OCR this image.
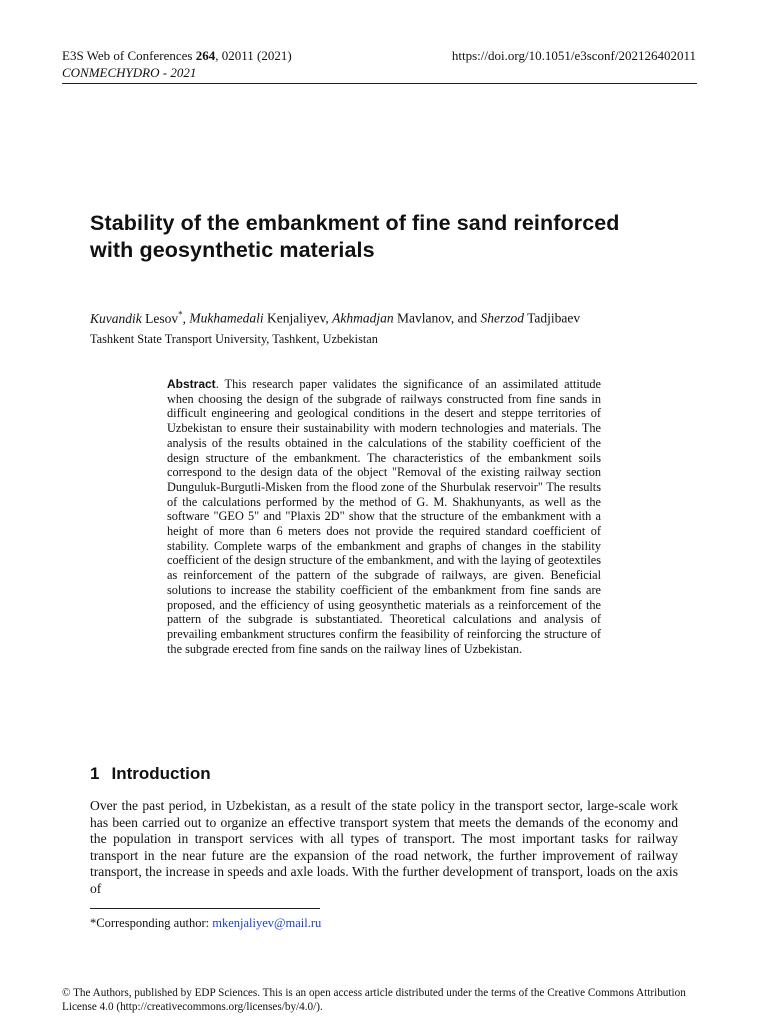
E3S Web of Conferences 264, 02011 (2021)
CONMECHYDRO - 2021
https://doi.org/10.1051/e3sconf/202126402011
Stability of the embankment of fine sand reinforced with geosynthetic materials
Kuvandik Lesov*, Mukhamedali Kenjaliyev, Akhmadjan Mavlanov, and Sherzod Tadjibaev
Tashkent State Transport University, Tashkent, Uzbekistan
Abstract. This research paper validates the significance of an assimilated attitude when choosing the design of the subgrade of railways constructed from fine sands in difficult engineering and geological conditions in the desert and steppe territories of Uzbekistan to ensure their sustainability with modern technologies and materials. The analysis of the results obtained in the calculations of the stability coefficient of the design structure of the embankment. The characteristics of the embankment soils correspond to the design data of the object "Removal of the existing railway section Dunguluk-Burgutli-Misken from the flood zone of the Shurbulak reservoir" The results of the calculations performed by the method of G. M. Shakhunyants, as well as the software "GEO 5" and "Plaxis 2D" show that the structure of the embankment with a height of more than 6 meters does not provide the required standard coefficient of stability. Complete warps of the embankment and graphs of changes in the stability coefficient of the design structure of the embankment, and with the laying of geotextiles as reinforcement of the pattern of the subgrade of railways, are given. Beneficial solutions to increase the stability coefficient of the embankment from fine sands are proposed, and the efficiency of using geosynthetic materials as a reinforcement of the pattern of the subgrade is substantiated. Theoretical calculations and analysis of prevailing embankment structures confirm the feasibility of reinforcing the structure of the subgrade erected from fine sands on the railway lines of Uzbekistan.
1 Introduction
Over the past period, in Uzbekistan, as a result of the state policy in the transport sector, large-scale work has been carried out to organize an effective transport system that meets the demands of the economy and the population in transport services with all types of transport. The most important tasks for railway transport in the near future are the expansion of the road network, the further improvement of railway transport, the increase in speeds and axle loads. With the further development of transport, loads on the axis of
*Corresponding author: mkenjaliyev@mail.ru
© The Authors, published by EDP Sciences. This is an open access article distributed under the terms of the Creative Commons Attribution License 4.0 (http://creativecommons.org/licenses/by/4.0/).
